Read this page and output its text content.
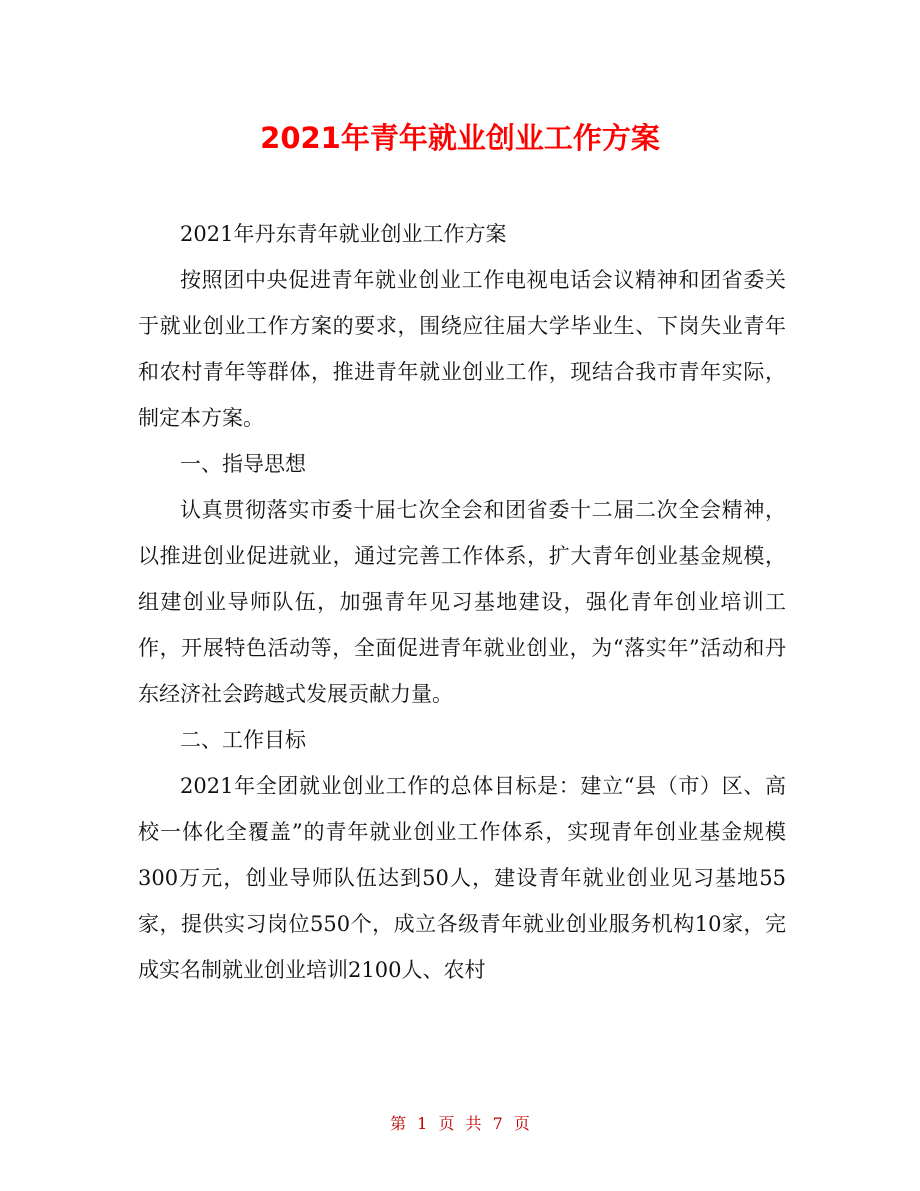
2021年青年就业创业工作方案

2021年丹东青年就业创业工作方案

按照团中央促进青年就业创业工作电视电话会议精神和团省委关于就业创业工作方案的要求，围绕应往届大学毕业生、下岗失业青年和农村青年等群体，推进青年就业创业工作，现结合我市青年实际，制定本方案。

一、指导思想

认真贯彻落实市委十届七次全会和团省委十二届二次全会精神，以推进创业促进就业，通过完善工作体系，扩大青年创业基金规模，组建创业导师队伍，加强青年见习基地建设，强化青年创业培训工作，开展特色活动等，全面促进青年就业创业，为“落实年”活动和丹东经济社会跨越式发展贡献力量。

二、工作目标

2021年全团就业创业工作的总体目标是：建立“县（市）区、高校一体化全覆盖”的青年就业创业工作体系，实现青年创业基金规模300万元，创业导师队伍达到50人，建设青年就业创业见习基地55家，提供实习岗位550个，成立各级青年就业创业服务机构10家，完成实名制就业创业培训2100人、农村

第 1 页 共 7 页
